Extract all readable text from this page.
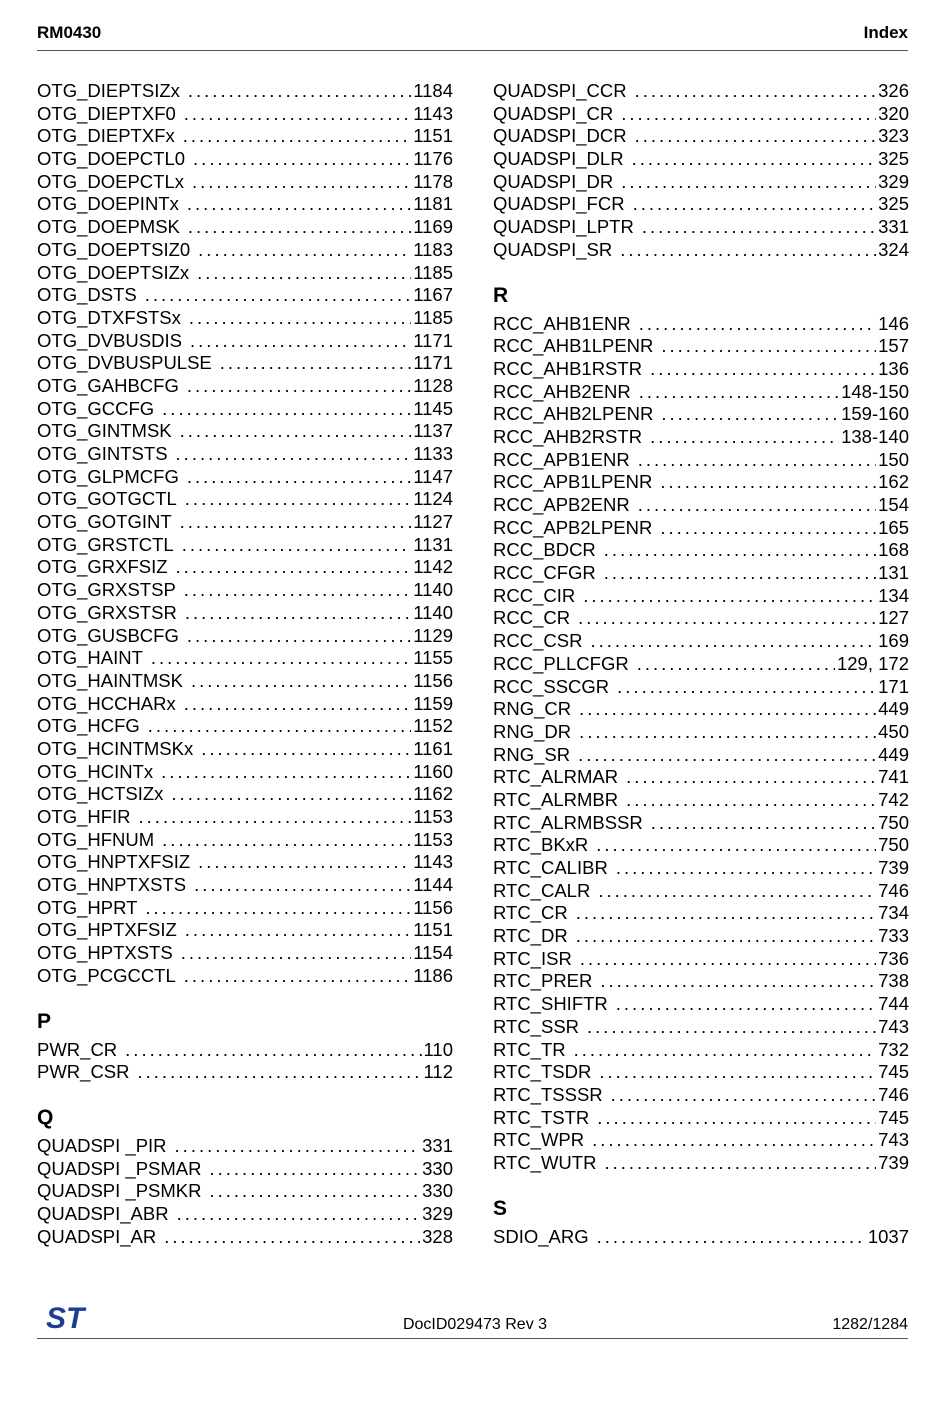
RM0430	Index
OTG_DIEPTSIZx .....	1184
OTG_DIEPTXF0 .....	1143
OTG_DIEPTXFx .....	1151
OTG_DOEPCTL0 .....	1176
OTG_DOEPCTLx .....	1178
OTG_DOEPINTx .....	1181
OTG_DOEPMSK .....	1169
OTG_DOEPTSIZ0 .....	1183
OTG_DOEPTSIZx .....	1185
OTG_DSTS .....	1167
OTG_DTXFSTSx .....	1185
OTG_DVBUSDIS .....	1171
OTG_DVBUSPULSE .....	1171
OTG_GAHBCFG .....	1128
OTG_GCCFG .....	1145
OTG_GINTMSK .....	1137
OTG_GINTSTS .....	1133
OTG_GLPMCFG .....	1147
OTG_GOTGCTL .....	1124
OTG_GOTGINT .....	1127
OTG_GRSTCTL .....	1131
OTG_GRXFSIZ .....	1142
OTG_GRXSTSP .....	1140
OTG_GRXSTSR .....	1140
OTG_GUSBCFG .....	1129
OTG_HAINT .....	1155
OTG_HAINTMSK .....	1156
OTG_HCCHARx .....	1159
OTG_HCFG .....	1152
OTG_HCINTMSKx .....	1161
OTG_HCINTx .....	1160
OTG_HCTSIZx .....	1162
OTG_HFIR .....	1153
OTG_HFNUM .....	1153
OTG_HNPTXFSIZ .....	1143
OTG_HNPTXSTS .....	1144
OTG_HPRT .....	1156
OTG_HPTXFSIZ .....	1151
OTG_HPTXSTS .....	1154
OTG_PCGCCTL .....	1186
P
PWR_CR .....	110
PWR_CSR .....	112
Q
QUADSPI _PIR .....	331
QUADSPI _PSMAR .....	330
QUADSPI _PSMKR .....	330
QUADSPI_ABR .....	329
QUADSPI_AR .....	328
QUADSPI_CCR .....	326
QUADSPI_CR .....	320
QUADSPI_DCR .....	323
QUADSPI_DLR .....	325
QUADSPI_DR .....	329
QUADSPI_FCR .....	325
QUADSPI_LPTR .....	331
QUADSPI_SR .....	324
R
RCC_AHB1ENR .....	146
RCC_AHB1LPENR .....	157
RCC_AHB1RSTR .....	136
RCC_AHB2ENR .....	148-150
RCC_AHB2LPENR .....	159-160
RCC_AHB2RSTR .....	138-140
RCC_APB1ENR .....	150
RCC_APB1LPENR .....	162
RCC_APB2ENR .....	154
RCC_APB2LPENR .....	165
RCC_BDCR .....	168
RCC_CFGR .....	131
RCC_CIR .....	134
RCC_CR .....	127
RCC_CSR .....	169
RCC_PLLCFGR .....	129, 172
RCC_SSCGR .....	171
RNG_CR .....	449
RNG_DR .....	450
RNG_SR .....	449
RTC_ALRMAR .....	741
RTC_ALRMBR .....	742
RTC_ALRMBSSR .....	750
RTC_BKxR .....	750
RTC_CALIBR .....	739
RTC_CALR .....	746
RTC_CR .....	734
RTC_DR .....	733
RTC_ISR .....	736
RTC_PRER .....	738
RTC_SHIFTR .....	744
RTC_SSR .....	743
RTC_TR .....	732
RTC_TSDR .....	745
RTC_TSSSR .....	746
RTC_TSTR .....	745
RTC_WPR .....	743
RTC_WUTR .....	739
S
SDIO_ARG .....	1037
ST	DocID029473 Rev 3	1282/1284
